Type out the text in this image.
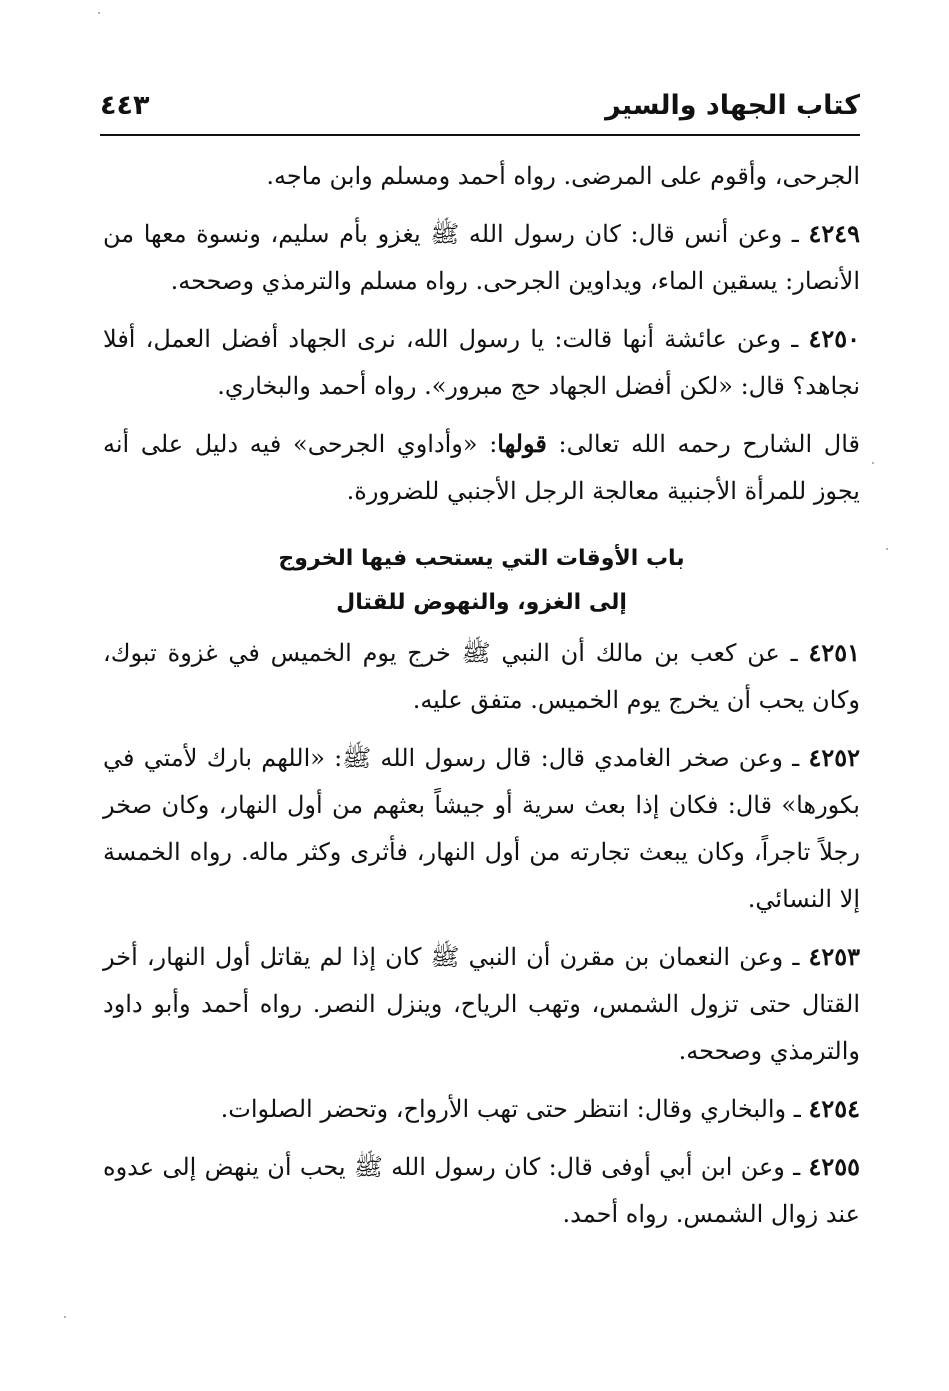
كتاب الجهاد والسير
٤٤٣

الجرحى، وأقوم على المرضى. رواه أحمد ومسلم وابن ماجه.

٤٢٤٩ ـ وعن أنس قال: كان رسول الله ﷺ يغزو بأم سليم، ونسوة معها من الأنصار: يسقين الماء، ويداوين الجرحى. رواه مسلم والترمذي وصححه.

٤٢٥٠ ـ وعن عائشة أنها قالت: يا رسول الله، نرى الجهاد أفضل العمل، أفلا نجاهد؟ قال: «لكن أفضل الجهاد حج مبرور». رواه أحمد والبخاري.

قال الشارح رحمه الله تعالى: قولها: «وأداوي الجرحى» فيه دليل على أنه يجوز للمرأة الأجنبية معالجة الرجل الأجنبي للضرورة.

باب الأوقات التي يستحب فيها الخروج
إلى الغزو، والنهوض للقتال

٤٢٥١ ـ عن كعب بن مالك أن النبي ﷺ خرج يوم الخميس في غزوة تبوك، وكان يحب أن يخرج يوم الخميس. متفق عليه.

٤٢٥٢ ـ وعن صخر الغامدي قال: قال رسول الله ﷺ: «اللهم بارك لأمتي في بكورها» قال: فكان إذا بعث سرية أو جيشاً بعثهم من أول النهار، وكان صخر رجلاً تاجراً، وكان يبعث تجارته من أول النهار، فأثرى وكثر ماله. رواه الخمسة إلا النسائي.

٤٢٥٣ ـ وعن النعمان بن مقرن أن النبي ﷺ كان إذا لم يقاتل أول النهار، أخر القتال حتى تزول الشمس، وتهب الرياح، وينزل النصر. رواه أحمد وأبو داود والترمذي وصححه.

٤٢٥٤ ـ والبخاري وقال: انتظر حتى تهب الأرواح، وتحضر الصلوات.

٤٢٥٥ ـ وعن ابن أبي أوفى قال: كان رسول الله ﷺ يحب أن ينهض إلى عدوه عند زوال الشمس. رواه أحمد.
